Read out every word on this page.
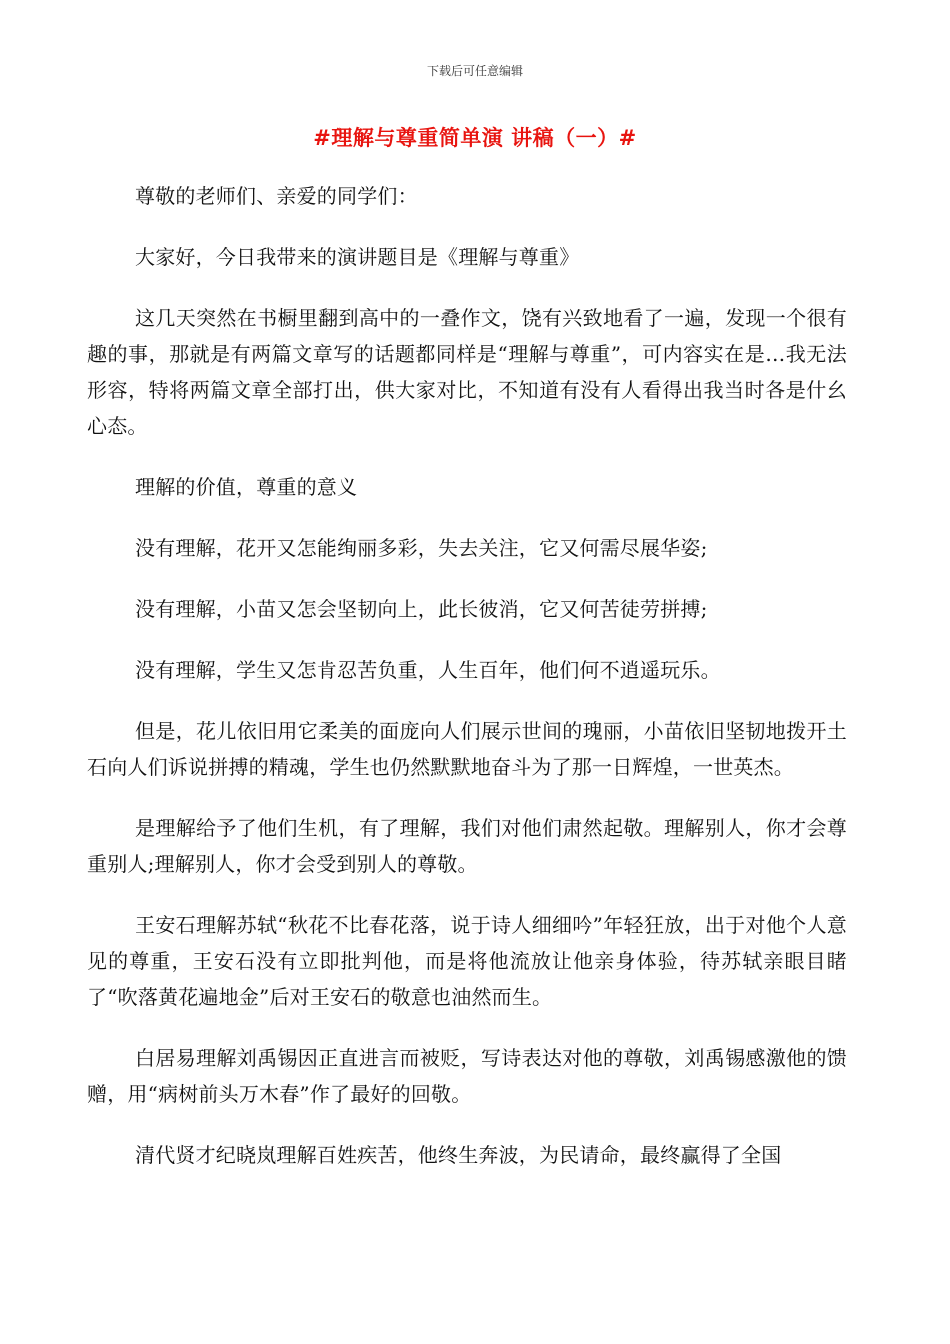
下载后可任意编辑
#理解与尊重简单演 讲稿（一）#

尊敬的老师们、亲爱的同学们：

大家好，今日我带来的演讲题目是《理解与尊重》

这几天突然在书橱里翻到高中的一叠作文，饶有兴致地看了一遍，发现一个很有趣的事，那就是有两篇文章写的话题都同样是“理解与尊重”，可内容实在是…我无法形容，特将两篇文章全部打出，供大家对比，不知道有没有人看得出我当时各是什幺心态。

理解的价值，尊重的意义

没有理解，花开又怎能绚丽多彩，失去关注，它又何需尽展华姿;

没有理解，小苗又怎会坚韧向上，此长彼消，它又何苦徒劳拼搏;

没有理解，学生又怎肯忍苦负重，人生百年，他们何不逍遥玩乐。

但是，花儿依旧用它柔美的面庞向人们展示世间的瑰丽，小苗依旧坚韧地拨开土石向人们诉说拼搏的精魂，学生也仍然默默地奋斗为了那一日辉煌，一世英杰。

是理解给予了他们生机，有了理解，我们对他们肃然起敬。理解别人，你才会尊重别人;理解别人，你才会受到别人的尊敬。

王安石理解苏轼“秋花不比春花落，说于诗人细细吟”年轻狂放，出于对他个人意见的尊重，王安石没有立即批判他，而是将他流放让他亲身体验，待苏轼亲眼目睹了“吹落黄花遍地金”后对王安石的敬意也油然而生。

白居易理解刘禹锡因正直进言而被贬，写诗表达对他的尊敬，刘禹锡感激他的馈赠，用“病树前头万木春”作了最好的回敬。

清代贤才纪晓岚理解百姓疾苦，他终生奔波，为民请命，最终赢得了全国
